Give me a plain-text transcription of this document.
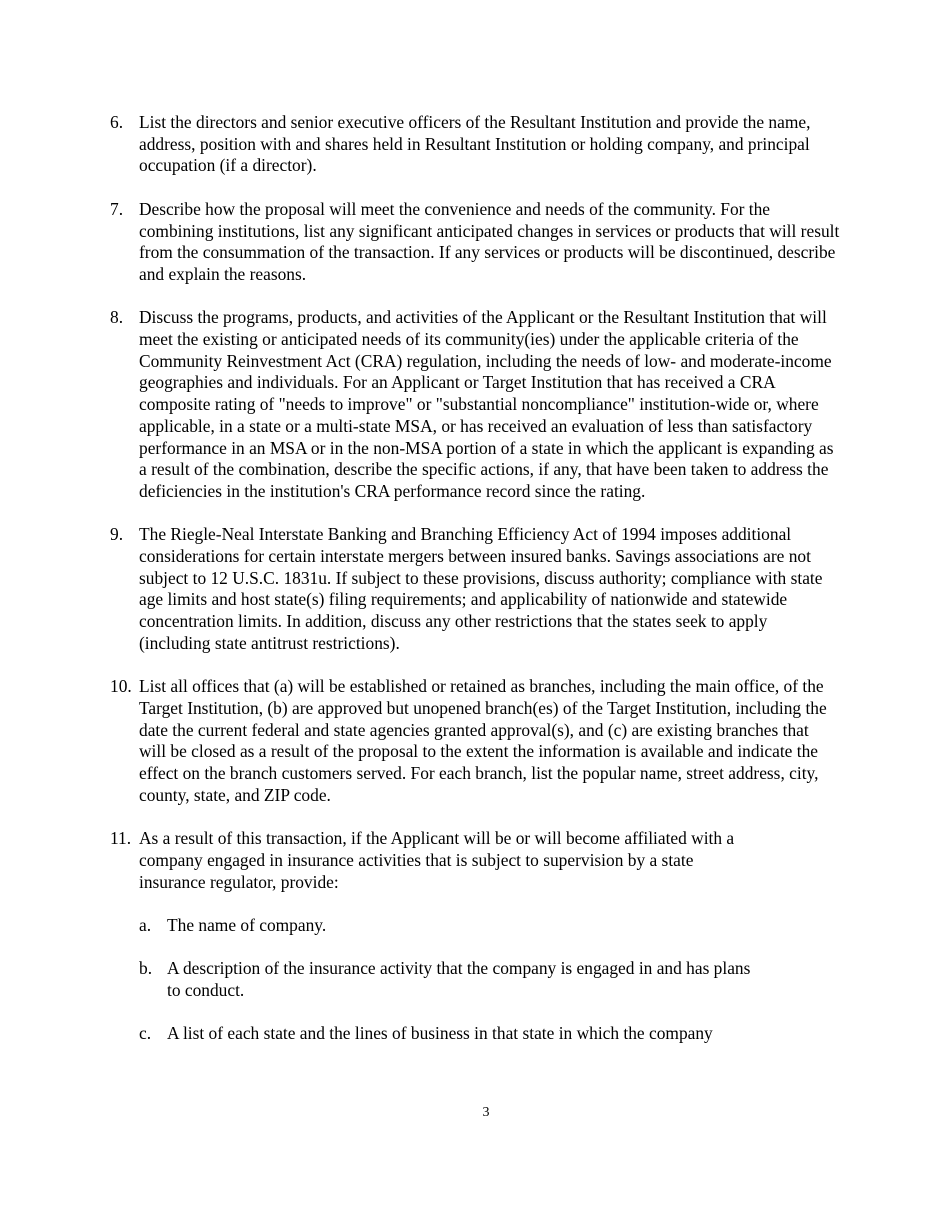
6. List the directors and senior executive officers of the Resultant Institution and provide the name, address, position with and shares held in Resultant Institution or holding company, and principal occupation (if a director).
7. Describe how the proposal will meet the convenience and needs of the community. For the combining institutions, list any significant anticipated changes in services or products that will result from the consummation of the transaction. If any services or products will be discontinued, describe and explain the reasons.
8. Discuss the programs, products, and activities of the Applicant or the Resultant Institution that will meet the existing or anticipated needs of its community(ies) under the applicable criteria of the Community Reinvestment Act (CRA) regulation, including the needs of low- and moderate-income geographies and individuals. For an Applicant or Target Institution that has received a CRA composite rating of "needs to improve" or "substantial noncompliance" institution-wide or, where applicable, in a state or a multi-state MSA, or has received an evaluation of less than satisfactory performance in an MSA or in the non-MSA portion of a state in which the applicant is expanding as a result of the combination, describe the specific actions, if any, that have been taken to address the deficiencies in the institution's CRA performance record since the rating.
9. The Riegle-Neal Interstate Banking and Branching Efficiency Act of 1994 imposes additional considerations for certain interstate mergers between insured banks. Savings associations are not subject to 12 U.S.C. 1831u. If subject to these provisions, discuss authority; compliance with state age limits and host state(s) filing requirements; and applicability of nationwide and statewide concentration limits. In addition, discuss any other restrictions that the states seek to apply (including state antitrust restrictions).
10. List all offices that (a) will be established or retained as branches, including the main office, of the Target Institution, (b) are approved but unopened branch(es) of the Target Institution, including the date the current federal and state agencies granted approval(s), and (c) are existing branches that will be closed as a result of the proposal to the extent the information is available and indicate the effect on the branch customers served. For each branch, list the popular name, street address, city, county, state, and ZIP code.
11. As a result of this transaction, if the Applicant will be or will become affiliated with a company engaged in insurance activities that is subject to supervision by a state insurance regulator, provide:
a. The name of company.
b. A description of the insurance activity that the company is engaged in and has plans to conduct.
c. A list of each state and the lines of business in that state in which the company
3
